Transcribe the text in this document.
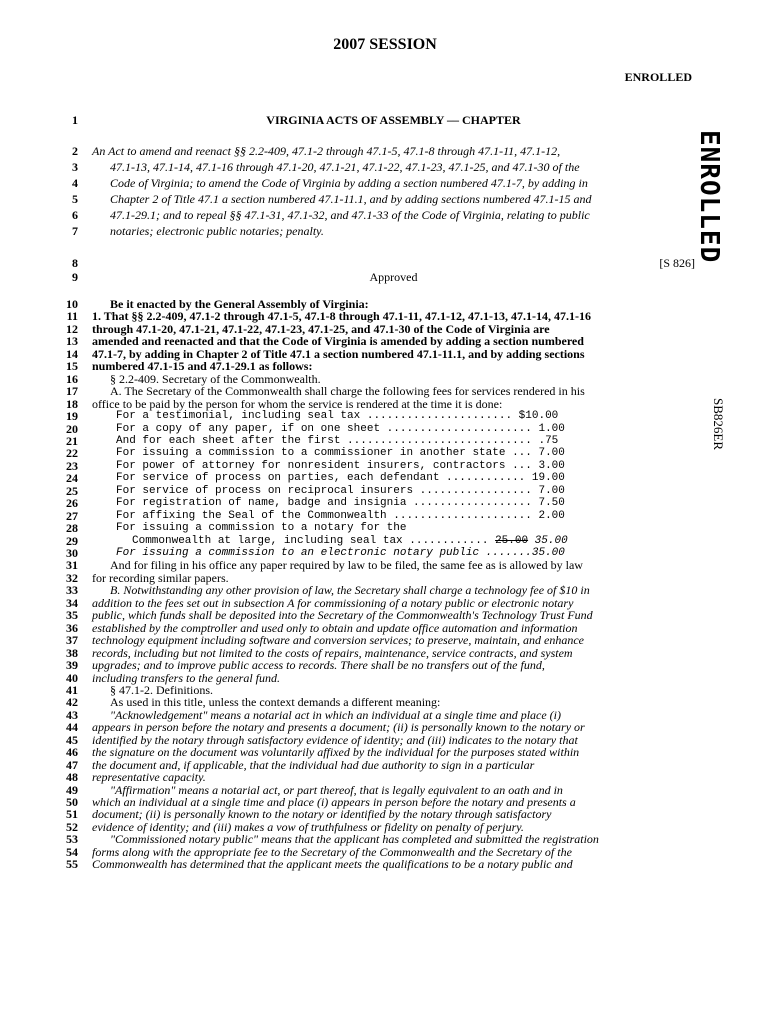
2007 SESSION
ENROLLED
ENROLLED
SB826ER
1	VIRGINIA ACTS OF ASSEMBLY –– CHAPTER
2 An Act to amend and reenact §§ 2.2-409, 47.1-2 through 47.1-5, 47.1-8 through 47.1-11, 47.1-12,
3	47.1-13, 47.1-14, 47.1-16 through 47.1-20, 47.1-21, 47.1-22, 47.1-23, 47.1-25, and 47.1-30 of the
4	Code of Virginia; to amend the Code of Virginia by adding a section numbered 47.1-7, by adding in
5	Chapter 2 of Title 47.1 a section numbered 47.1-11.1, and by adding sections numbered 47.1-15 and
6	47.1-29.1; and to repeal §§ 47.1-31, 47.1-32, and 47.1-33 of the Code of Virginia, relating to public
7	notaries; electronic public notaries; penalty.
8	[S 826]
9	Approved
10	Be it enacted by the General Assembly of Virginia:
11 1. That §§ 2.2-409, 47.1-2 through 47.1-5, 47.1-8 through 47.1-11, 47.1-12, 47.1-13, 47.1-14, 47.1-16
12 through 47.1-20, 47.1-21, 47.1-22, 47.1-23, 47.1-25, and 47.1-30 of the Code of Virginia are
13 amended and reenacted and that the Code of Virginia is amended by adding a section numbered
14 47.1-7, by adding in Chapter 2 of Title 47.1 a section numbered 47.1-11.1, and by adding sections
15 numbered 47.1-15 and 47.1-29.1 as follows:
16	§ 2.2-409. Secretary of the Commonwealth.
17	A. The Secretary of the Commonwealth shall charge the following fees for services rendered in his
18 office to be paid by the person for whom the service is rendered at the time it is done:
19	For a testimonial, including seal tax ...................... $10.00
20	For a copy of any paper, if on one sheet ...................... 1.00
21	And for each sheet after the first ............................ .75
22	For issuing a commission to a commissioner in another state ... 7.00
23	For power of attorney for nonresident insurers, contractors ... 3.00
24	For service of process on parties, each defendant ............ 19.00
25	For service of process on reciprocal insurers ................. 7.00
26	For registration of name, badge and insignia .................. 7.50
27	For affixing the Seal of the Commonwealth ..................... 2.00
28	For issuing a commission to a notary for the
29	Commonwealth at large, including seal tax ............ 25.00 35.00
30	For issuing a commission to an electronic notary public .......35.00
31	And for filing in his office any paper required by law to be filed, the same fee as is allowed by law
32 for recording similar papers.
33	B. Notwithstanding any other provision of law, the Secretary shall charge a technology fee of $10 in
34 addition to the fees set out in subsection A for commissioning of a notary public or electronic notary
35 public, which funds shall be deposited into the Secretary of the Commonwealth's Technology Trust Fund
36 established by the comptroller and used only to obtain and update office automation and information
37 technology equipment including software and conversion services; to preserve, maintain, and enhance
38 records, including but not limited to the costs of repairs, maintenance, service contracts, and system
39 upgrades; and to improve public access to records. There shall be no transfers out of the fund,
40 including transfers to the general fund.
41	§ 47.1-2. Definitions.
42	As used in this title, unless the context demands a different meaning:
43	"Acknowledgement" means a notarial act in which an individual at a single time and place (i)
44 appears in person before the notary and presents a document; (ii) is personally known to the notary or
45 identified by the notary through satisfactory evidence of identity; and (iii) indicates to the notary that
46 the signature on the document was voluntarily affixed by the individual for the purposes stated within
47 the document and, if applicable, that the individual had due authority to sign in a particular
48 representative capacity.
49	"Affirmation" means a notarial act, or part thereof, that is legally equivalent to an oath and in
50 which an individual at a single time and place (i) appears in person before the notary and presents a
51 document; (ii) is personally known to the notary or identified by the notary through satisfactory
52 evidence of identity; and (iii) makes a vow of truthfulness or fidelity on penalty of perjury.
53	"Commissioned notary public" means that the applicant has completed and submitted the registration
54 forms along with the appropriate fee to the Secretary of the Commonwealth and the Secretary of the
55 Commonwealth has determined that the applicant meets the qualifications to be a notary public and
